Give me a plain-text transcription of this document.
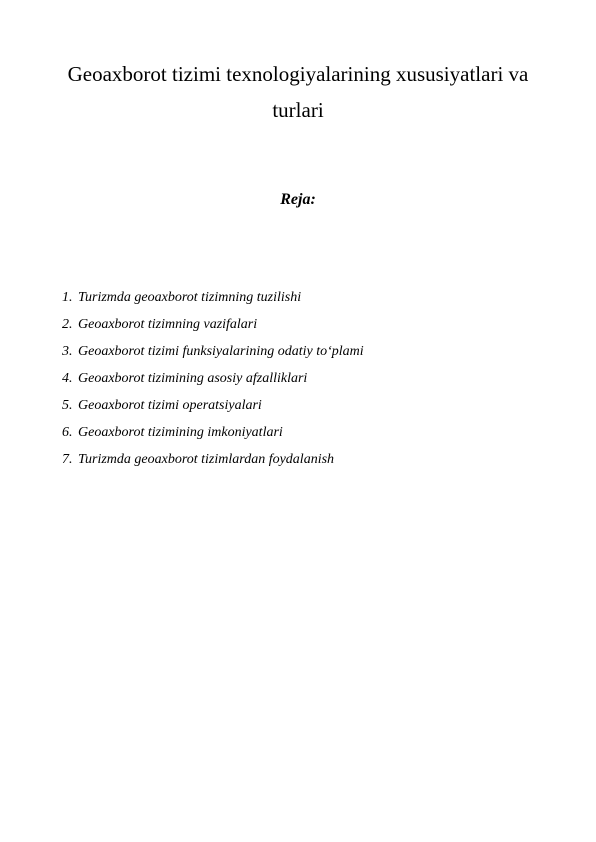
Geoaxborot tizimi texnologiyalarining xususiyatlari va turlari

Reja:

1. Turizmda geoaxborot tizimning tuzilishi
2. Geoaxborot tizimning vazifalari
3. Geoaxborot tizimi funksiyalarining odatiy to‘plami
4. Geoaxborot tizimining asosiy afzalliklari
5. Geoaxborot tizimi operatsiyalari
6. Geoaxborot tizimining imkoniyatlari
7. Turizmda geoaxborot tizimlardan foydalanish
